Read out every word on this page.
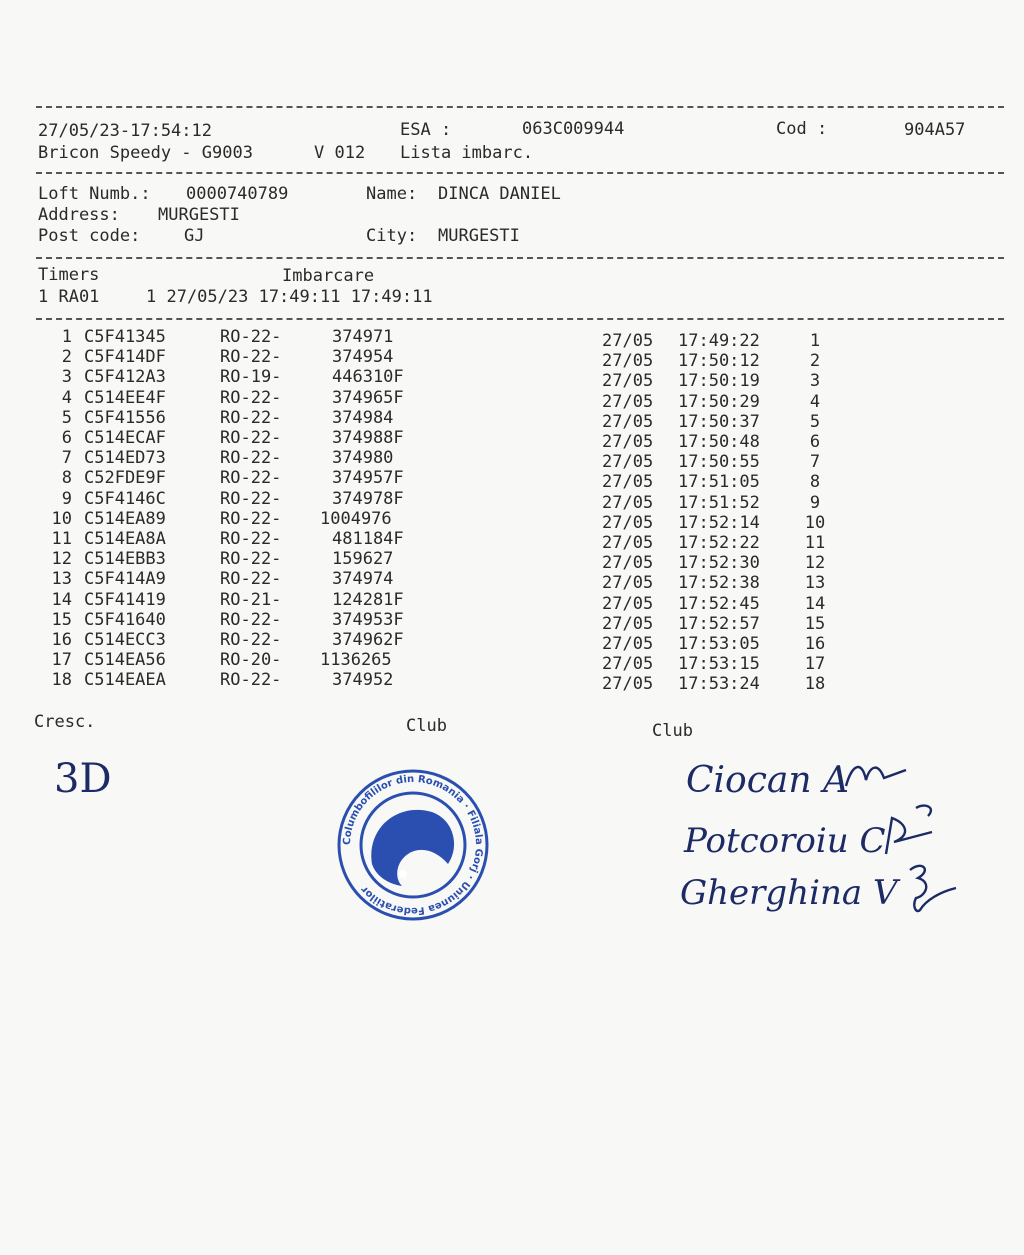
27/05/23-17:54:12	ESA :	063C009944	Cod :	904A57
Bricon Speedy - G9003	V 012 Lista imbarc.
Loft Numb.: 0000740789	Name: DINCA DANIEL
Address: MURGESTI
Post code:	GJ	City: MURGESTI
Timers	Imbarcare
1 RA01	1 27/05/23 17:49:11 17:49:11
1 C5F41345	RO-22-	374971	27/05 17:49:22	1
2 C5F414DF	RO-22-	374954	27/05 17:50:12	2
3 C5F412A3	RO-19-	446310F	27/05 17:50:19	3
4 C514EE4F	RO-22-	374965F	27/05 17:50:29	4
5 C5F41556	RO-22-	374984	27/05 17:50:37	5
6 C514ECAF	RO-22-	374988F	27/05 17:50:48	6
7 C514ED73	RO-22-	374980	27/05 17:50:55	7
8 C52FDE9F	RO-22-	374957F	27/05 17:51:05	8
9 C5F4146C	RO-22-	374978F	27/05 17:51:52	9
10 C514EA89	RO-22- 1004976	27/05 17:52:14	10
11 C514EA8A	RO-22-	481184F	27/05 17:52:22	11
12 C514EBB3	RO-22-	159627	27/05 17:52:30	12
13 C5F414A9	RO-22-	374974	27/05 17:52:38	13
14 C5F41419	RO-21-	124281F	27/05 17:52:45	14
15 C5F41640	RO-22-	374953F	27/05 17:52:57	15
16 C514ECC3	RO-22-	374962F	27/05 17:53:05	16
17 C514EA56	RO-20- 1136265	27/05 17:53:15	17
18 C514EAEA	RO-22-	374952	27/05 17:53:24	18
Cresc.	Club	Club
3D
Columbofililor din Romania · Filiala Gorj · Uniunea Federatiilor
Ciocan A
Potcoroiu C
Gherghina V
